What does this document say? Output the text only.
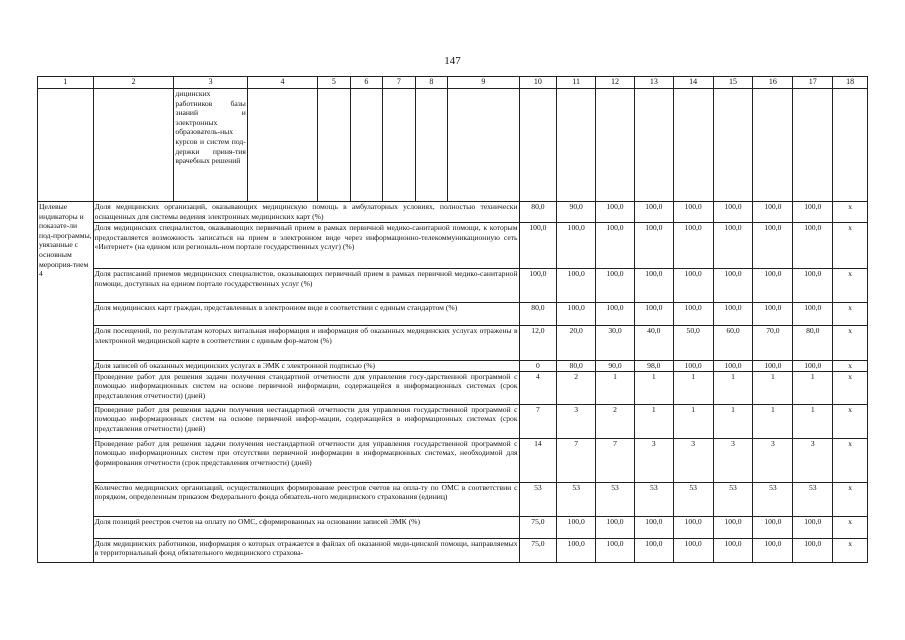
147
1	2	3	4	5	6	7	8	9	10	11	12	13	14	15	16	17	18
		дицинских работников базы знаний и электронных образователь-ных курсов и систем под-держки приня-тия врачебных решений															
Целевые индикаторы и показате-ли под-программы, увязанные с основным мероприя-тием 4	Доля медицинских организаций, оказывающих медицинскую помощь в амбулаторных условиях, полностью технически оснащенных для системы ведения электронных медицинских карт (%)								80,0	90,0	100,0	100,0	100,0	100,0	100,0	100,0	x
	Доля медицинских специалистов, оказывающих первичный прием в рамках первичной медико-санитарной помощи, к которым предоставляется возможность записаться на прием в электронном виде через информационно-телекоммуникационную сеть «Интернет» (на едином или региональ-ном портале государственных услуг) (%)								100,0	100,0	100,0	100,0	100,0	100,0	100,0	100,0	x
	Доля расписаний приемов медицинских специалистов, оказывающих первичный прием в рамках первичной медико-санитарной помощи, доступных на едином портале государственных услуг (%)								100,0	100,0	100,0	100,0	100,0	100,0	100,0	100,0	x
	Доля медицинских карт граждан, представленных в электронном виде в соответствии с единым стандартом (%)								80,0	100,0	100,0	100,0	100,0	100,0	100,0	100,0	x
	Доля посещений, по результатам которых витальная информация и информация об оказанных медицинских услугах отражены в электронной медицинской карте в соответствии с единым фор-матом (%)								12,0	20,0	30,0	40,0	50,0	60,0	70,0	80,0	x
	Доля записей об оказанных медицинских услугах в ЭМК с электронной подписью (%)								0	80,0	90,0	98,0	100,0	100,0	100,0	100,0	x
	Проведение работ для решения задачи получения стандартной отчетности для управления госу-дарственной программой с помощью информационных систем на основе первичной информации, содержащейся в информационных системах (срок представления отчетности) (дней)								4	2	1	1	1	1	1	1	x
	Проведение работ для решения задачи получения нестандартной отчетности для управления государственной программой с помощью информационных систем на основе первичной инфор-мации, содержащейся в информационных системах (срок представления отчетности) (дней)								7	3	2	1	1	1	1	1	x
	Проведение работ для решения задачи получения нестандартной отчетности для управления государственной программой с помощью информационных систем при отсутствии первичной информации в информационных системах, необходимой для формирования отчетности (срок представления отчетности) (дней)								14	7	7	3	3	3	3	3	x
	Количество медицинских организаций, осуществляющих формирование реестров счетов на опла-ту по ОМС в соответствии с порядком, определенным приказом Федерального фонда обязатель-ного медицинского страхования (единиц)								53	53	53	53	53	53	53	53	x
	Доля позиций реестров счетов на оплату по ОМС, сформированных на основании записей ЭМК (%)								75,0	100,0	100,0	100,0	100,0	100,0	100,0	100,0	x
	Доля медицинских работников, информация о которых отражается в файлах об оказанной меди-цинской помощи, направляемых в территориальный фонд обязательного медицинского страхова-								75,0	100,0	100,0	100,0	100,0	100,0	100,0	100,0	x
